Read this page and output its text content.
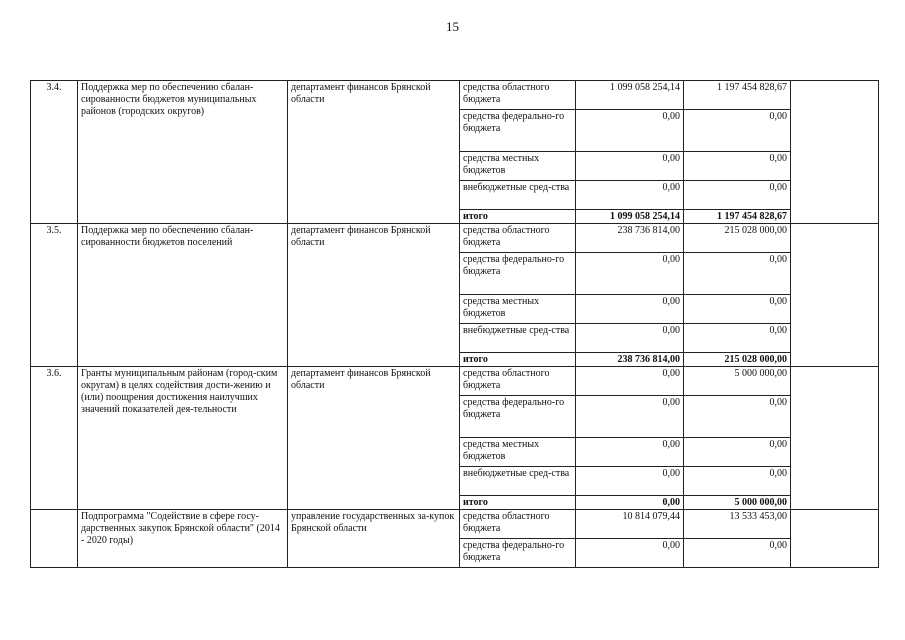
15
3.4.	Поддержка мер по обеспечению сбалан-сированности бюджетов муниципальных районов (городских округов)	департамент финансов Брянской области	средства областного бюджета	1 099 058 254,14	1 197 454 828,67	
			средства федерально-го бюджета	0,00	0,00	
			средства местных бюджетов	0,00	0,00	
			внебюджетные сред-ства	0,00	0,00	
			итого	1 099 058 254,14	1 197 454 828,67	
3.5.	Поддержка мер по обеспечению сбалан-сированности бюджетов поселений	департамент финансов Брянской области	средства областного бюджета	238 736 814,00	215 028 000,00	
			средства федерально-го бюджета	0,00	0,00	
			средства местных бюджетов	0,00	0,00	
			внебюджетные сред-ства	0,00	0,00	
			итого	238 736 814,00	215 028 000,00	
3.6.	Гранты муниципальным районам (город-ским округам) в целях содействия дости-жению и (или) поощрения достижения наилучших значений показателей дея-тельности	департамент финансов Брянской области	средства областного бюджета	0,00	5 000 000,00	
			средства федерально-го бюджета	0,00	0,00	
			средства местных бюджетов	0,00	0,00	
			внебюджетные сред-ства	0,00	0,00	
			итого	0,00	5 000 000,00	
	Подпрограмма "Содействие в сфере госу-дарственных закупок Брянской области" (2014 - 2020 годы)	управление государственных за-купок Брянской области	средства областного бюджета	10 814 079,44	13 533 453,00	
			средства федерально-го бюджета	0,00	0,00	
